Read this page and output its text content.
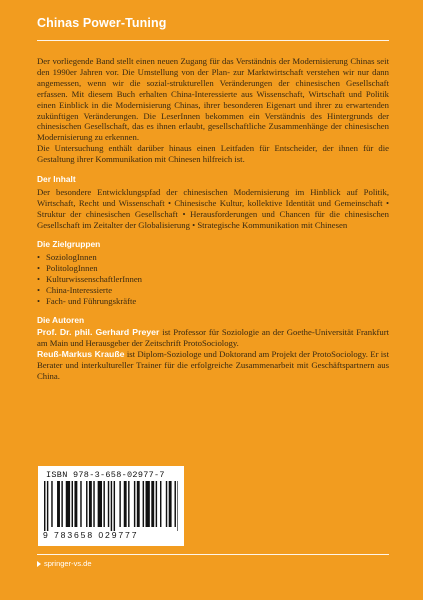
Chinas Power-Tuning

Der vorliegende Band stellt einen neuen Zugang für das Verständnis der Modernisierung Chinas seit den 1990er Jahren vor. Die Umstellung von der Plan- zur Marktwirtschaft verstehen wir nur dann angemessen, wenn wir die sozial-strukturellen Veränderungen der chinesischen Gesellschaft erfassen. Mit diesem Buch erhalten China-Interessierte aus Wissenschaft, Wirtschaft und Politik einen Einblick in die Modernisierung Chinas, ihrer besonderen Eigenart und ihrer zu erwartenden zukünftigen Veränderungen. Die LeserInnen bekommen ein Verständnis des Hintergrunds der chinesischen Gesellschaft, das es ihnen erlaubt, gesellschaftliche Zusammenhänge der chinesischen Modernisierung zu erkennen.

Die Untersuchung enthält darüber hinaus einen Leitfaden für Entscheider, der ihnen für die Gestaltung ihrer Kommunikation mit Chinesen hilfreich ist.

Der Inhalt

Der besondere Entwicklungspfad der chinesischen Modernisierung im Hinblick auf Politik, Wirtschaft, Recht und Wissenschaft • Chinesische Kultur, kollektive Identität und Gemeinschaft • Struktur der chinesischen Gesellschaft • Herausforderungen und Chancen für die chinesischen Gesellschaft im Zeitalter der Globalisierung • Strategische Kommunikation mit Chinesen

Die Zielgruppen
• SoziologInnen
• PolitologInnen
• KulturwissenschaftlerInnen
• China-Interessierte
• Fach- und Führungskräfte
Die Autoren

Prof. Dr. phil. Gerhard Preyer ist Professor für Soziologie an der Goethe-Universität Frankfurt am Main und Herausgeber der Zeitschrift ProtoSociology.

Reuß-Markus Krauße ist Diplom-Soziologe und Doktorand am Projekt der ProtoSociology. Er ist Berater und interkultureller Trainer für die erfolgreiche Zusammenarbeit mit Geschäftspartnern aus China.

ISBN 978-3-658-02977-7
9 783658 029777
springer-vs.de
